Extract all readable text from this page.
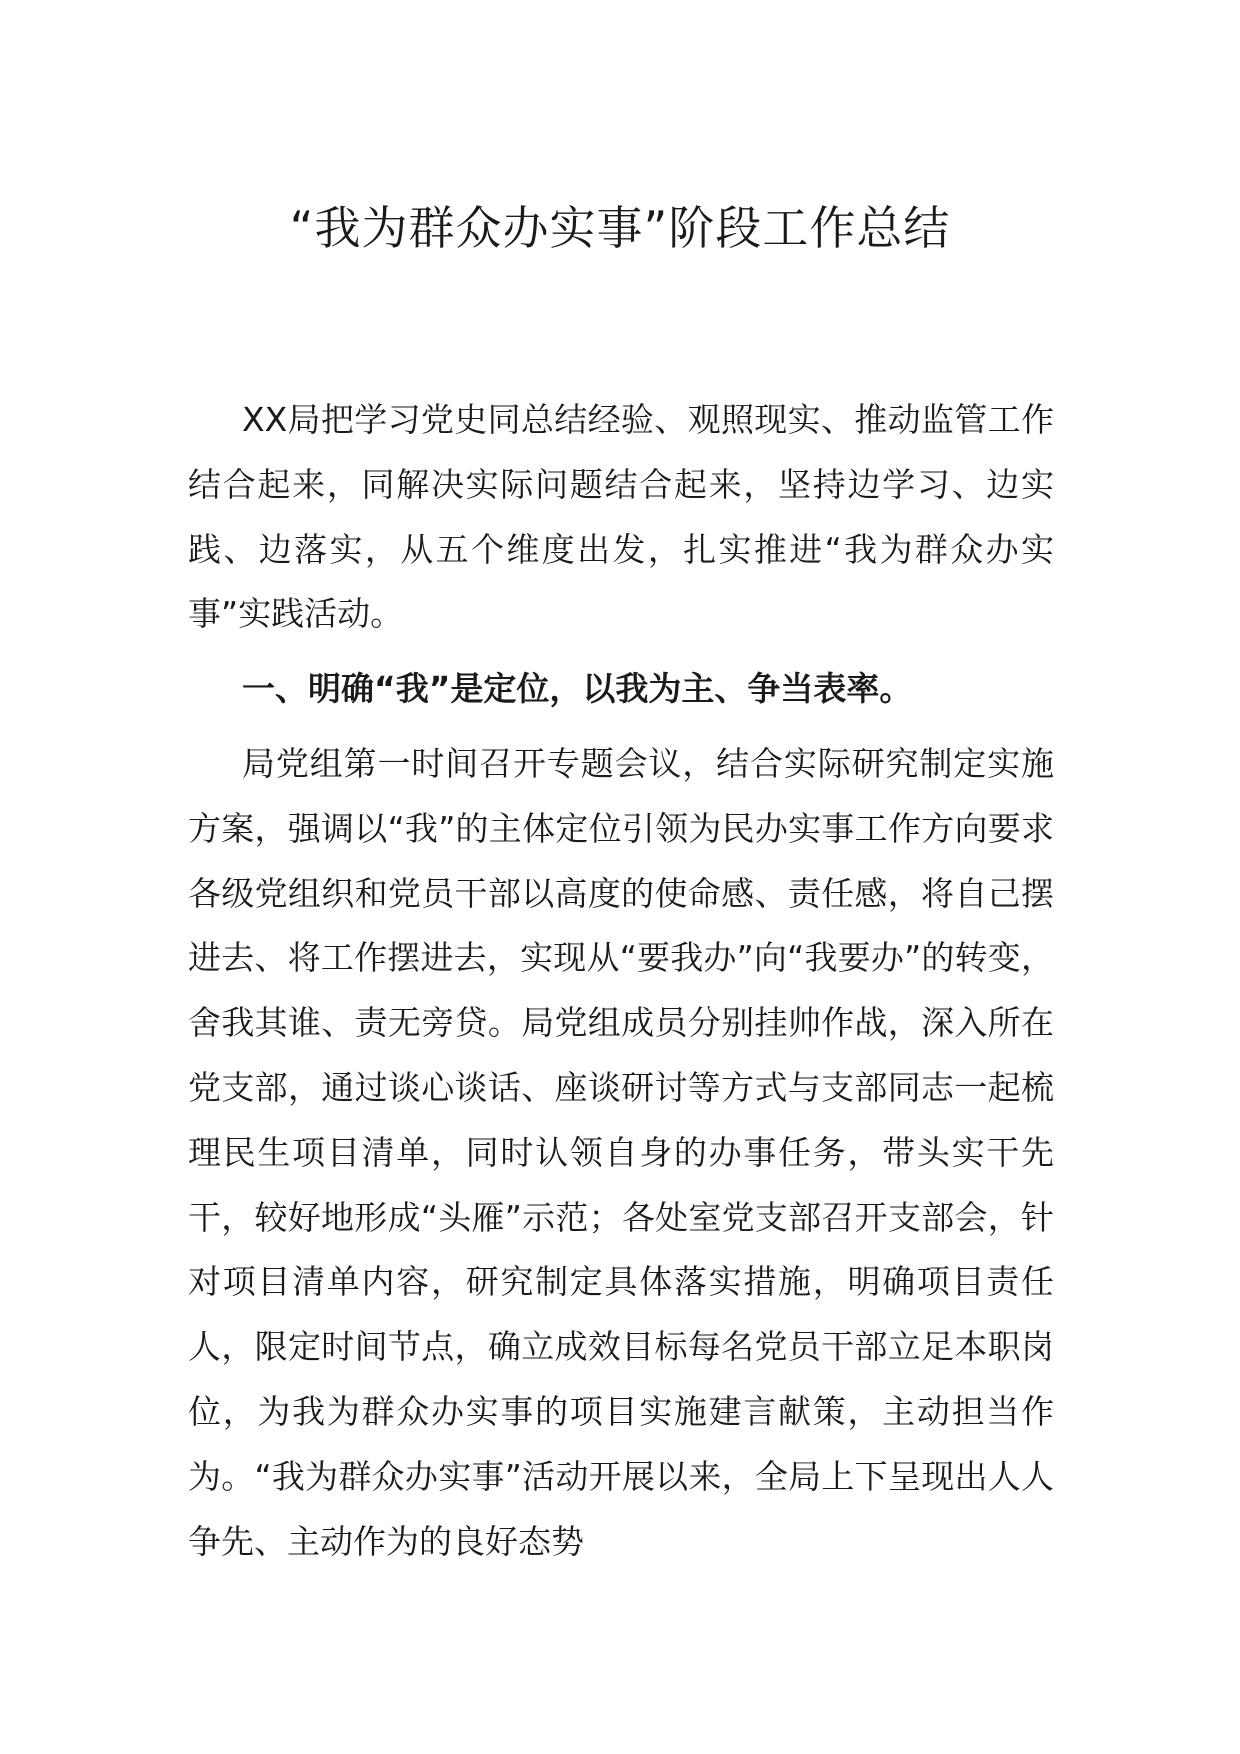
“我为群众办实事”阶段工作总结

XX局把学习党史同总结经验、观照现实、推动监管工作结合起来，同解决实际问题结合起来，坚持边学习、边实践、边落实，从五个维度出发，扎实推进“我为群众办实事”实践活动。

一、明确“我”是定位，以我为主、争当表率。

局党组第一时间召开专题会议，结合实际研究制定实施方案，强调以“我”的主体定位引领为民办实事工作方向要求各级党组织和党员干部以高度的使命感、责任感，将自己摆进去、将工作摆进去，实现从“要我办”向“我要办”的转变，舍我其谁、责无旁贷。局党组成员分别挂帅作战，深入所在党支部，通过谈心谈话、座谈研讨等方式与支部同志一起梳理民生项目清单，同时认领自身的办事任务，带头实干先干，较好地形成“头雁”示范；各处室党支部召开支部会，针对项目清单内容，研究制定具体落实措施，明确项目责任人，限定时间节点，确立成效目标每名党员干部立足本职岗位，为我为群众办实事的项目实施建言献策，主动担当作为。“我为群众办实事”活动开展以来，全局上下呈现出人人争先、主动作为的良好态势
